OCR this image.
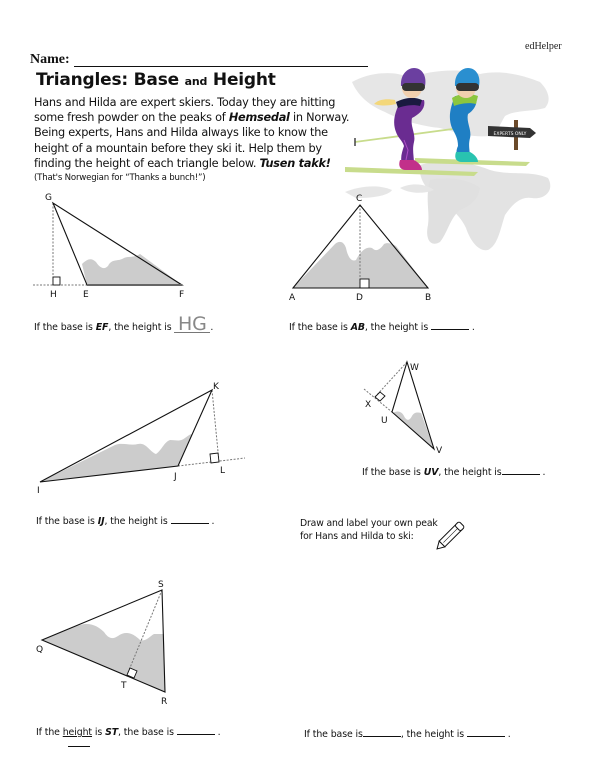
edHelper
Name:
Triangles: Base and Height

Hans and Hilda are expert skiers. Today they are hitting

some fresh powder on the peaks of Hemsedal in Norway.

Being experts, Hans and Hilda always like to know the

height of a mountain before they ski it. Help them by

finding the height of each triangle below. Tusen takk!

(That's Norwegian for “Thanks a bunch!”)
EXPERTS ONLY
G
H	E	F
C
D
A	B
K
L
I
J
W
X
U
V
S
T
Q
R
If the base is EF, the height is HG .	If the base is AB, the height is	.
If the base is IJ, the height is	.
If the base is UV, the height is	.
If the height is ST, the base is	.

Draw and label your own peak

for Hans and Hilda to ski:

If the base is	, the height is	.
